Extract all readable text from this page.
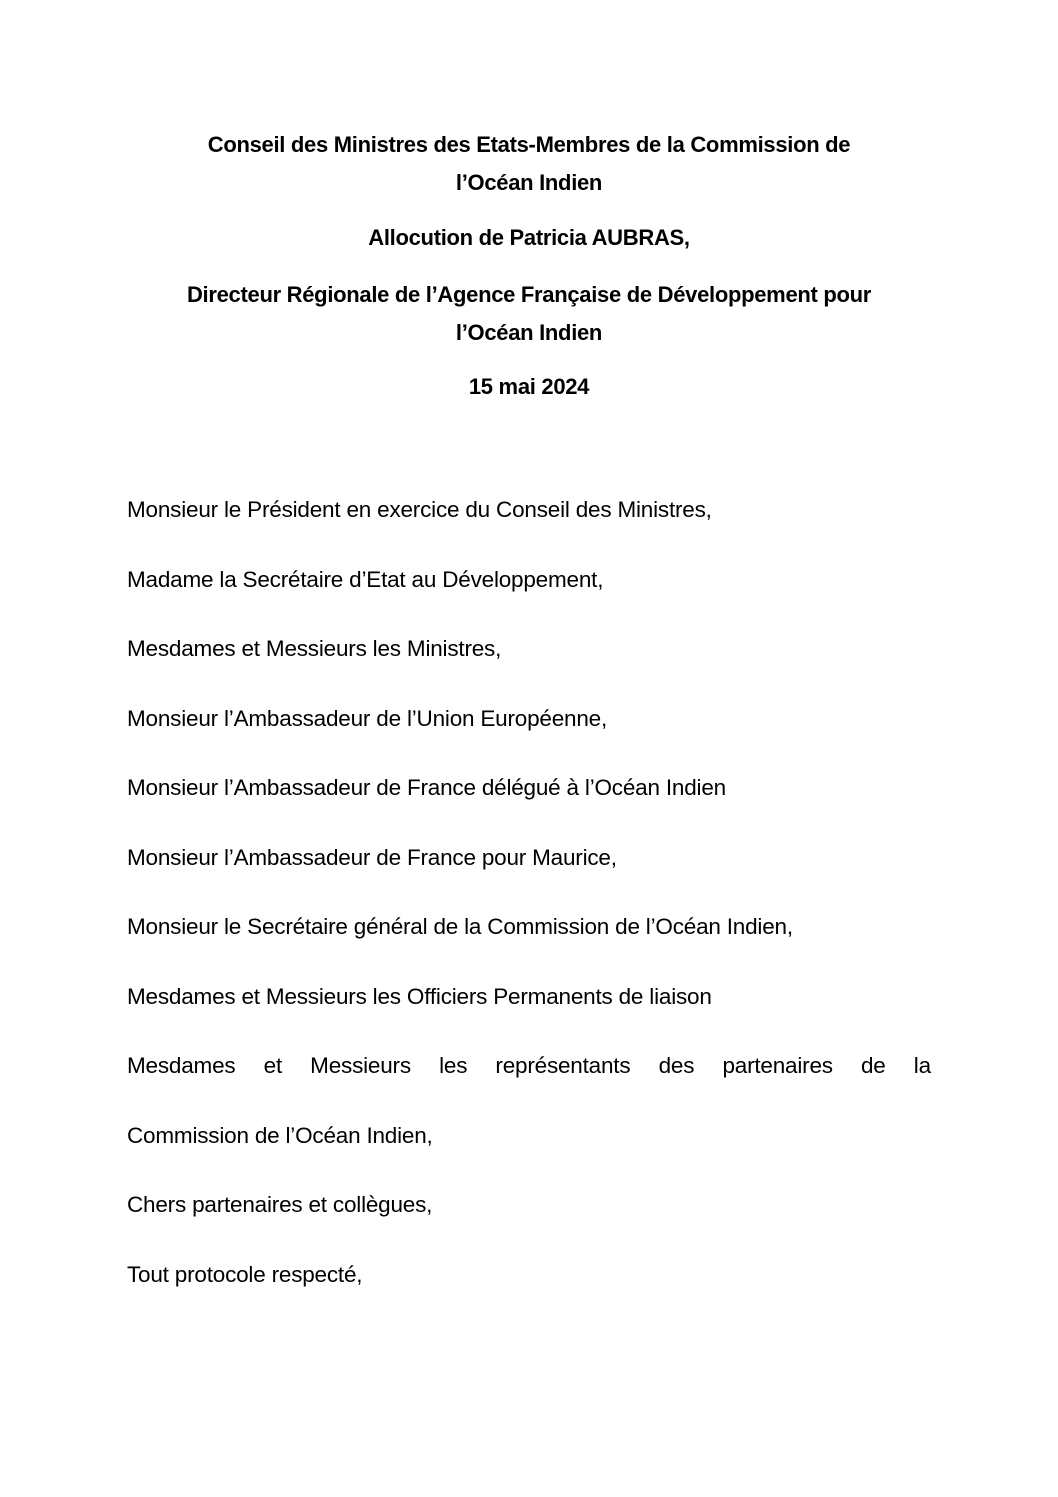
Conseil des Ministres des Etats-Membres de la Commission de
l’Océan Indien
Allocution de Patricia AUBRAS,
Directeur Régionale de l’Agence Française de Développement pour
l’Océan Indien
15 mai 2024
Monsieur le Président en exercice du Conseil des Ministres,
Madame la Secrétaire d’Etat au Développement,
Mesdames et Messieurs les Ministres,
Monsieur l’Ambassadeur de l’Union Européenne,
Monsieur l’Ambassadeur de France délégué à l’Océan Indien
Monsieur l’Ambassadeur de France pour Maurice,
Monsieur le Secrétaire général de la Commission de l’Océan Indien,
Mesdames et Messieurs les Officiers Permanents de liaison
Mesdames et Messieurs les représentants des partenaires de la
Commission de l’Océan Indien,
Chers partenaires et collègues,
Tout protocole respecté,
